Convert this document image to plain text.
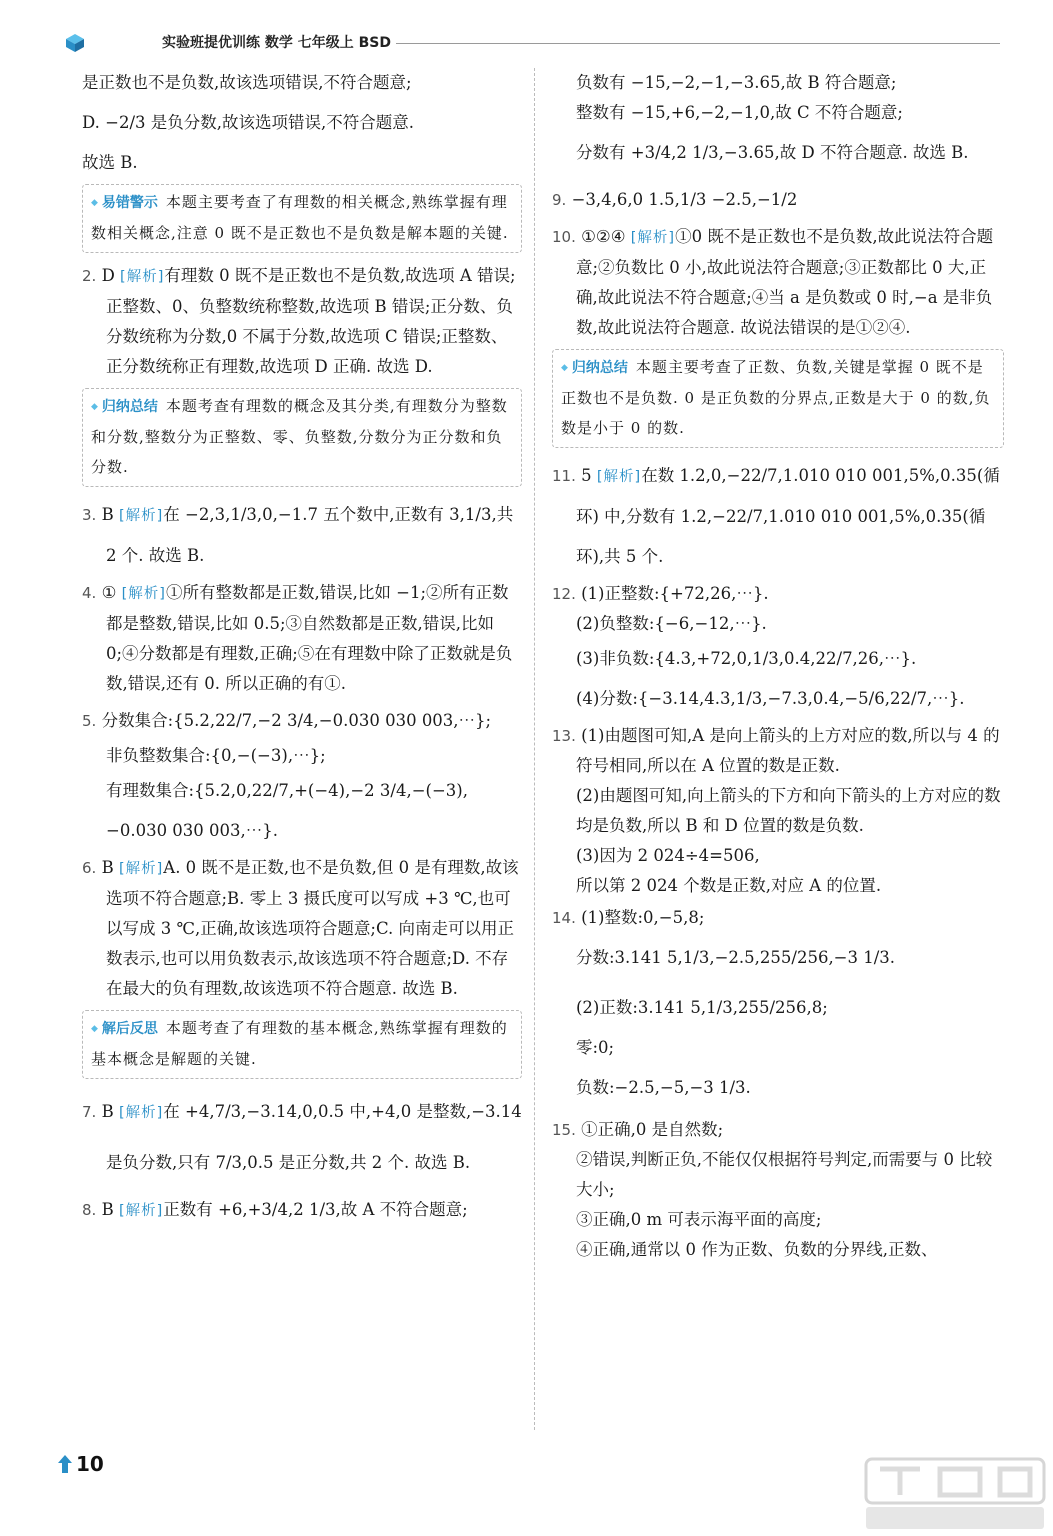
实验班提优训练 数学 七年级上 BSD

是正数也不是负数,故该选项错误,不符合题意;

D. −2/3 是负分数,故该选项错误,不符合题意.

故选 B.

◆ 易错警示 本题主要考查了有理数的相关概念,熟练掌握有理数相关概念,注意 0 既不是正数也不是负数是解本题的关键.

2. D [解析]有理数 0 既不是正数也不是负数,故选项 A 错误;正整数、0、负整数统称整数,故选项 B 错误;正分数、负分数统称为分数,0 不属于分数,故选项 C 错误;正整数、正分数统称正有理数,故选项 D 正确. 故选 D.

◆ 归纳总结 本题考查有理数的概念及其分类,有理数分为整数和分数,整数分为正整数、零、负整数,分数分为正分数和负分数.

3. B [解析]在 −2,3,1/3,0,−1.7 五个数中,正数有 3,1/3,共 2 个. 故选 B.

4. ① [解析]①所有整数都是正数,错误,比如 −1;②所有正数都是整数,错误,比如 0.5;③自然数都是正数,错误,比如 0;④分数都是有理数,正确;⑤在有理数中除了正数就是负数,错误,还有 0. 所以正确的有①.

5. 分数集合:{5.2,22/7,−2 3/4,−0.030 030 003,⋯};

非负整数集合:{0,−(−3),⋯};

有理数集合:{5.2,0,22/7,+(−4),−2 3/4,−(−3),−0.030 030 003,⋯}.

6. B [解析]A. 0 既不是正数,也不是负数,但 0 是有理数,故该选项不符合题意;B. 零上 3 摄氏度可以写成 +3 ℃,也可以写成 3 ℃,正确,故该选项符合题意;C. 向南走可以用正数表示,也可以用负数表示,故该选项不符合题意;D. 不存在最大的负有理数,故该选项不符合题意. 故选 B.

◆ 解后反思 本题考查了有理数的基本概念,熟练掌握有理数的基本概念是解题的关键.

7. B [解析]在 +4,7/3,−3.14,0,0.5 中,+4,0 是整数,−3.14 是负分数,只有 7/3,0.5 是正分数,共 2 个. 故选 B.

8. B [解析]正数有 +6,+3/4,2 1/3,故 A 不符合题意;

负数有 −15,−2,−1,−3.65,故 B 符合题意;

整数有 −15,+6,−2,−1,0,故 C 不符合题意;

分数有 +3/4,2 1/3,−3.65,故 D 不符合题意. 故选 B.

9. −3,4,6,0 1.5,1/3 −2.5,−1/2

10. ①②④ [解析]①0 既不是正数也不是负数,故此说法符合题意;②负数比 0 小,故此说法符合题意;③正数都比 0 大,正确,故此说法不符合题意;④当 a 是负数或 0 时,−a 是非负数,故此说法符合题意. 故说法错误的是①②④.

◆ 归纳总结 本题主要考查了正数、负数,关键是掌握 0 既不是正数也不是负数. 0 是正负数的分界点,正数是大于 0 的数,负数是小于 0 的数.

11. 5 [解析]在数 1.2,0,−22/7,1.010 010 001,5%,0.35(循环) 中,分数有 1.2,−22/7,1.010 010 001,5%,0.35(循环),共 5 个.

12. (1)正整数:{+72,26,⋯}.

(2)负整数:{−6,−12,⋯}.

(3)非负数:{4.3,+72,0,1/3,0.4,22/7,26,⋯}.

(4)分数:{−3.14,4.3,1/3,−7.3,0.4,−5/6,22/7,⋯}.

13. (1)由题图可知,A 是向上箭头的上方对应的数,所以与 4 的符号相同,所以在 A 位置的数是正数.

(2)由题图可知,向上箭头的下方和向下箭头的上方对应的数均是负数,所以 B 和 D 位置的数是负数.

(3)因为 2 024÷4=506,

所以第 2 024 个数是正数,对应 A 的位置.

14. (1)整数:0,−5,8;

分数:3.141 5,1/3,−2.5,255/256,−3 1/3.

(2)正数:3.141 5,1/3,255/256,8;

零:0;

负数:−2.5,−5,−3 1/3.

15. ①正确,0 是自然数;

②错误,判断正负,不能仅仅根据符号判定,而需要与 0 比较大小;

③正确,0 m 可表示海平面的高度;

④正确,通常以 0 作为正数、负数的分界线,正数、

10
